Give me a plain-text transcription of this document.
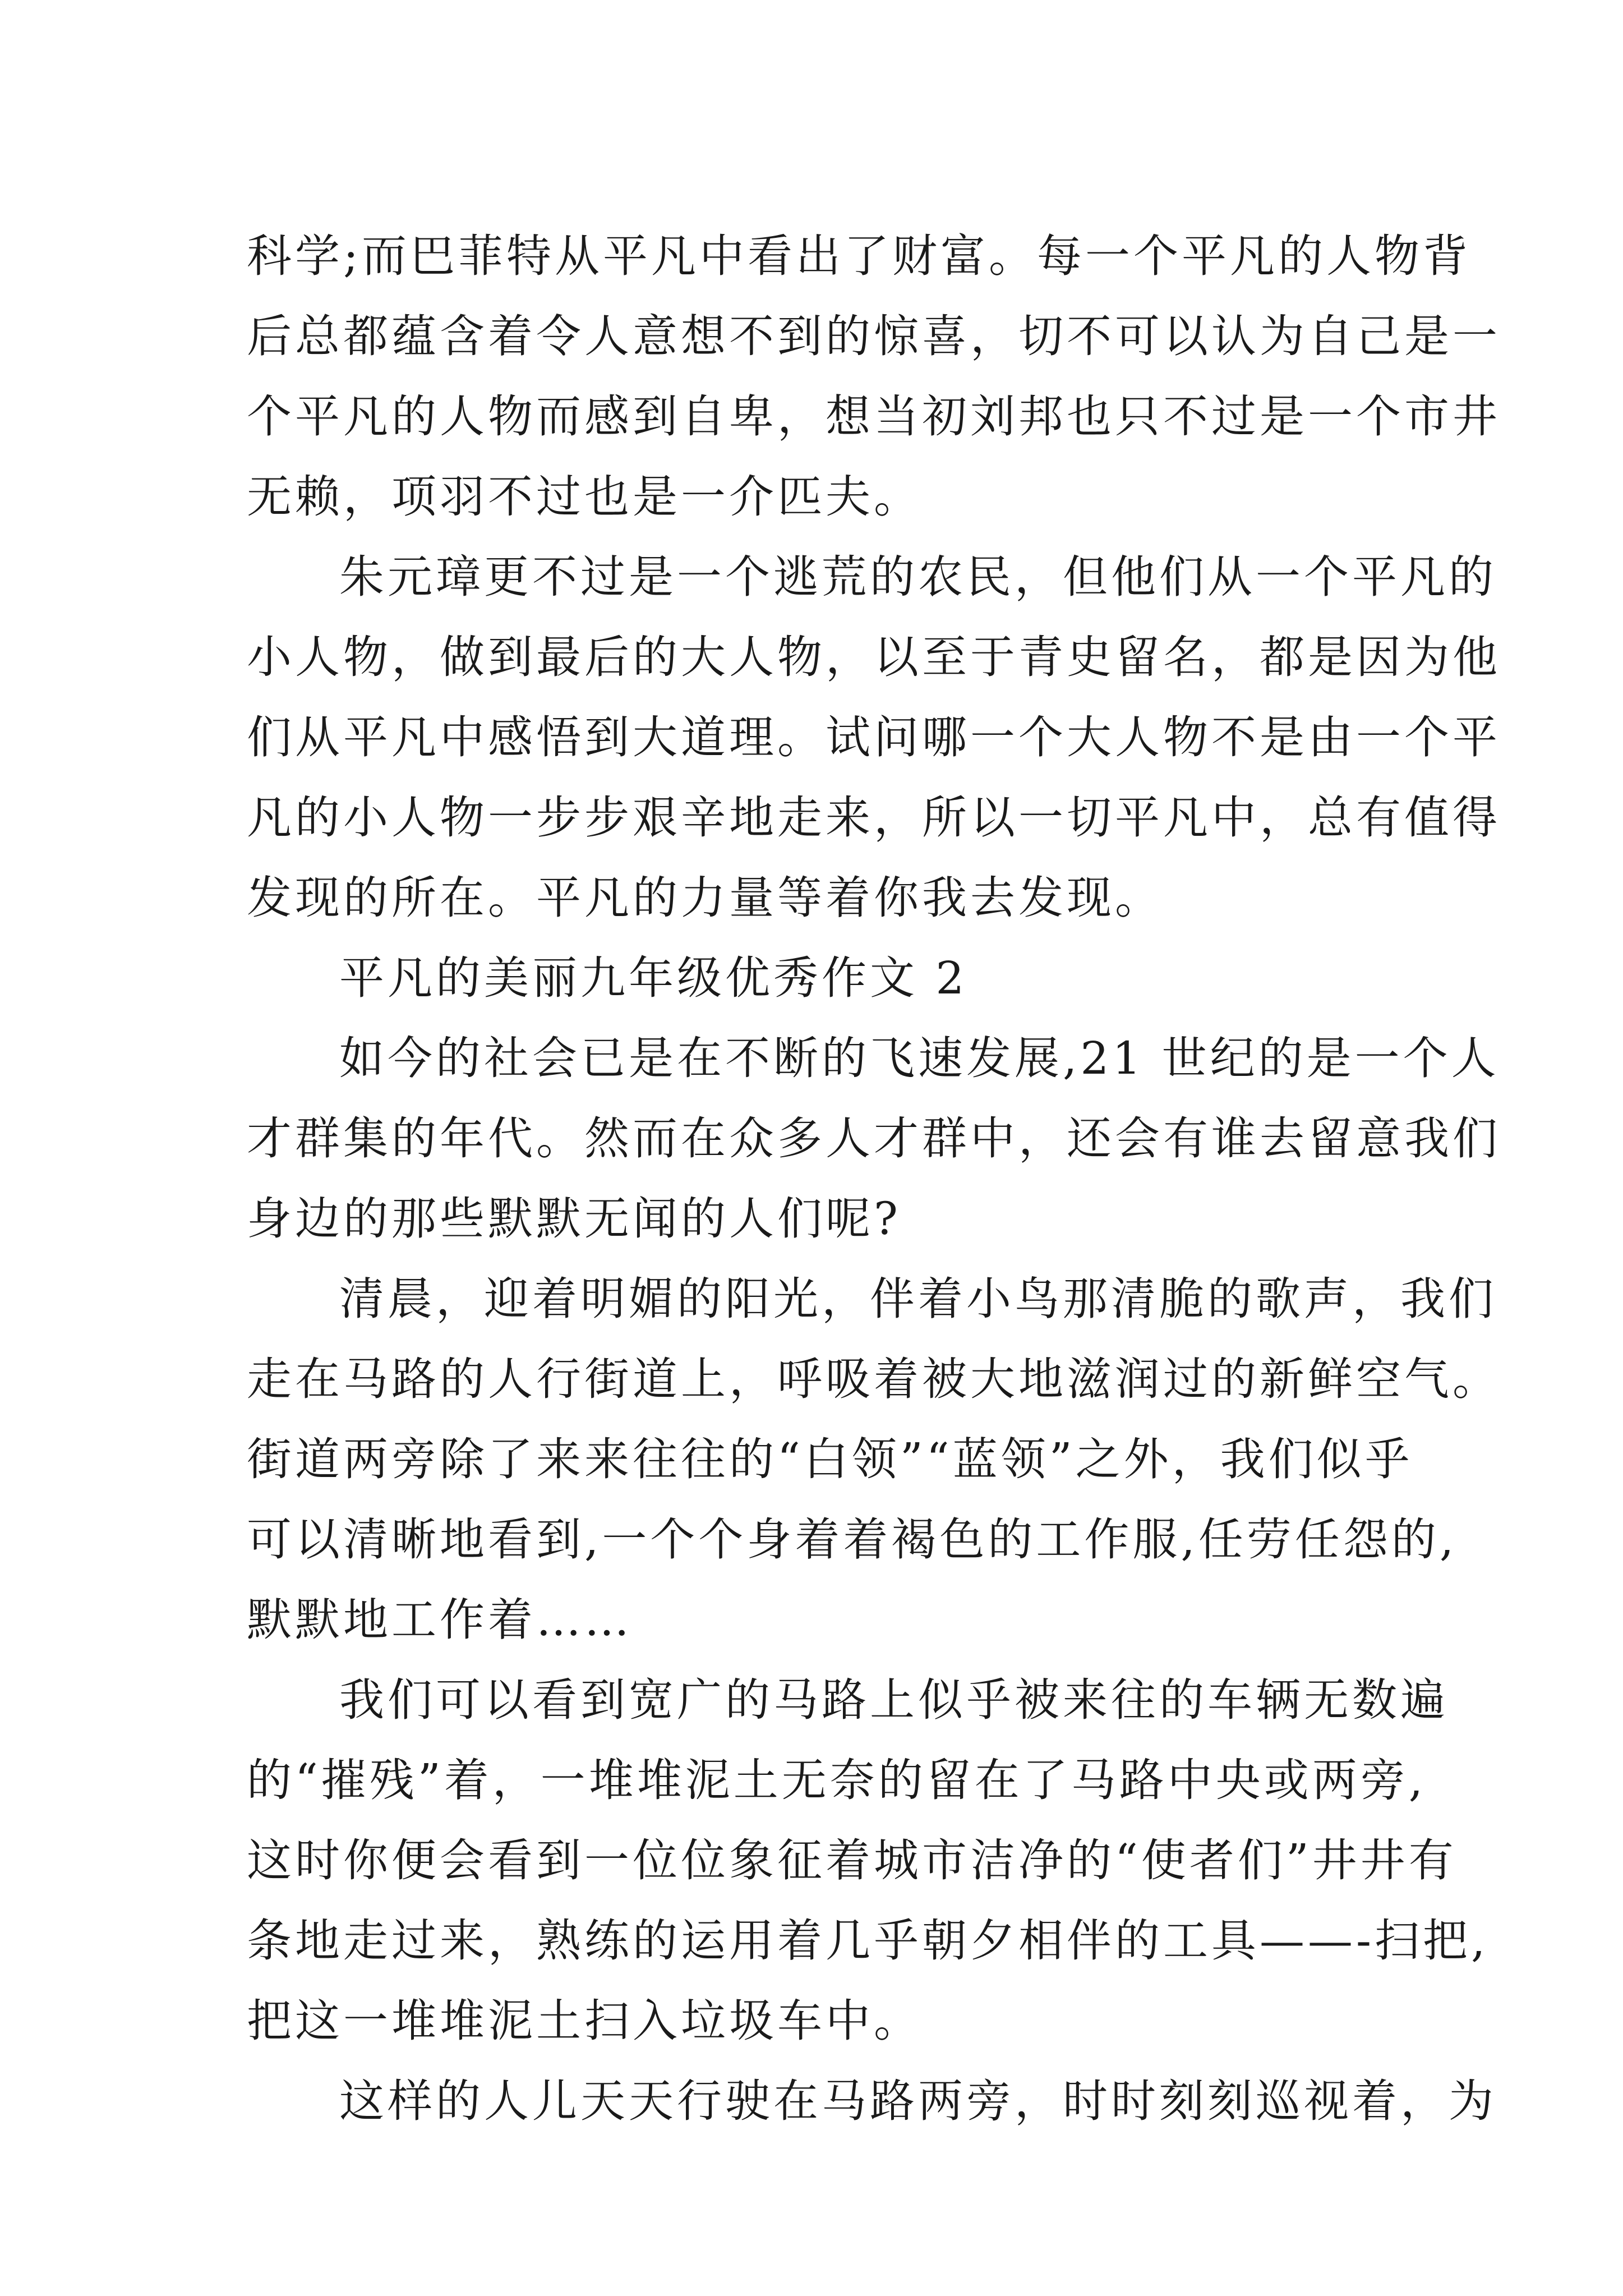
科学;而巴菲特从平凡中看出了财富。每一个平凡的人物背
后总都蕴含着令人意想不到的惊喜，切不可以认为自己是一
个平凡的人物而感到自卑，想当初刘邦也只不过是一个市井
无赖，项羽不过也是一介匹夫。
朱元璋更不过是一个逃荒的农民，但他们从一个平凡的
小人物，做到最后的大人物，以至于青史留名，都是因为他
们从平凡中感悟到大道理。试问哪一个大人物不是由一个平
凡的小人物一步步艰辛地走来，所以一切平凡中，总有值得
发现的所在。平凡的力量等着你我去发现。
平凡的美丽九年级优秀作文 2
如今的社会已是在不断的飞速发展,21 世纪的是一个人
才群集的年代。然而在众多人才群中，还会有谁去留意我们
身边的那些默默无闻的人们呢?
清晨，迎着明媚的阳光，伴着小鸟那清脆的歌声，我们
走在马路的人行街道上，呼吸着被大地滋润过的新鲜空气。
街道两旁除了来来往往的“白领”“蓝领”之外，我们似乎
可以清晰地看到,一个个身着着褐色的工作服,任劳任怨的,
默默地工作着……
我们可以看到宽广的马路上似乎被来往的车辆无数遍
的“摧残”着，一堆堆泥土无奈的留在了马路中央或两旁,
这时你便会看到一位位象征着城市洁净的“使者们”井井有
条地走过来，熟练的运用着几乎朝夕相伴的工具——-扫把,
把这一堆堆泥土扫入垃圾车中。
这样的人儿天天行驶在马路两旁，时时刻刻巡视着，为
